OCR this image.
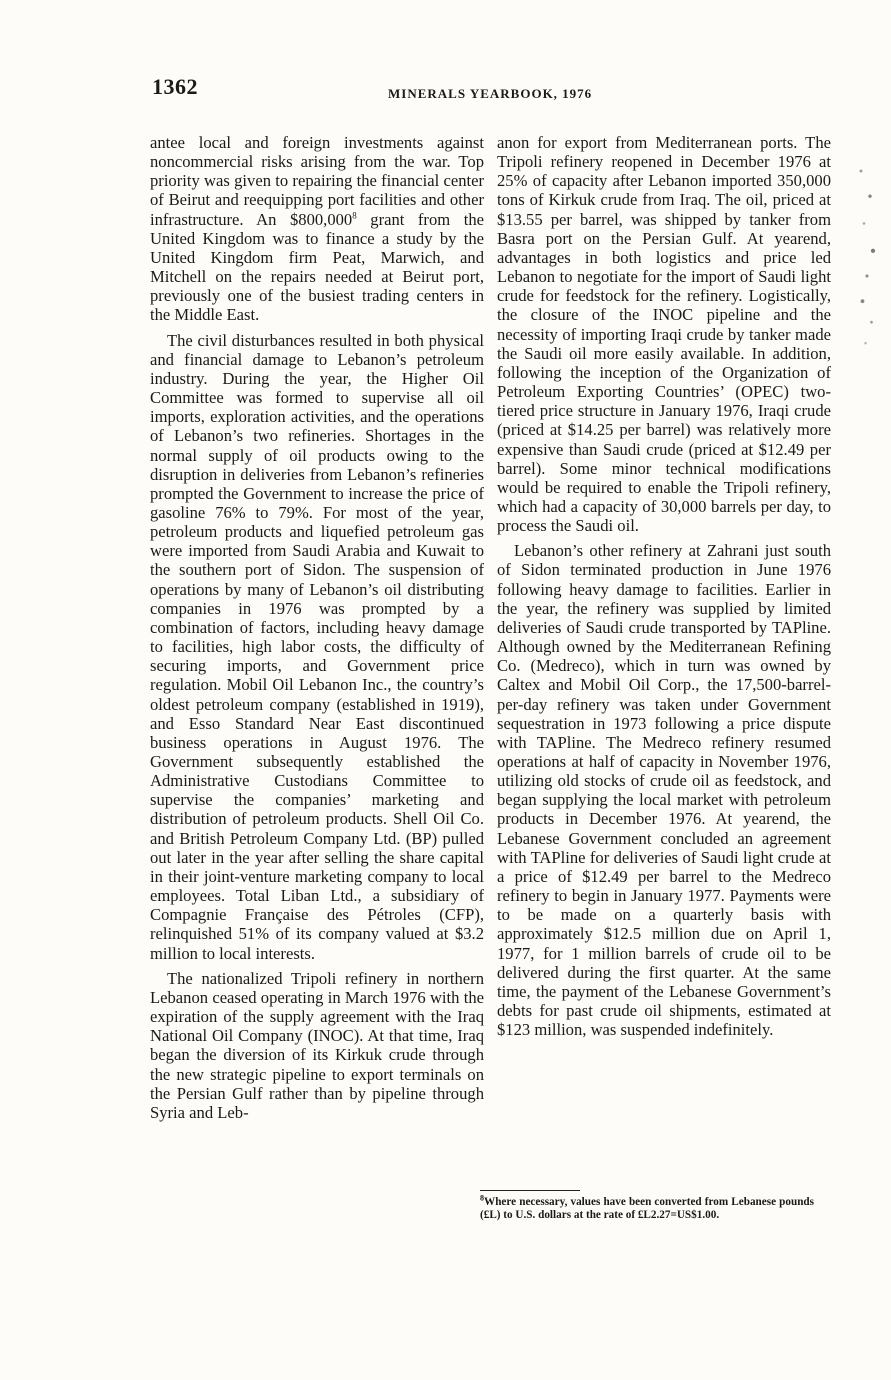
1362	MINERALS YEARBOOK, 1976

antee local and foreign investments against noncommercial risks arising from the war. Top priority was given to repairing the financial center of Beirut and reequipping port facilities and other infrastructure. An $800,000$^8$ grant from the United Kingdom was to finance a study by the United Kingdom firm Peat, Marwich, and Mitchell on the repairs needed at Beirut port, previously one of the busiest trading centers in the Middle East.

The civil disturbances resulted in both physical and financial damage to Lebanon’s petroleum industry. During the year, the Higher Oil Committee was formed to supervise all oil imports, exploration activities, and the operations of Lebanon’s two refineries. Shortages in the normal supply of oil products owing to the disruption in deliveries from Lebanon’s refineries prompted the Government to increase the price of gasoline 76% to 79%. For most of the year, petroleum products and liquefied petroleum gas were imported from Saudi Arabia and Kuwait to the southern port of Sidon. The suspension of operations by many of Lebanon’s oil distributing companies in 1976 was prompted by a combination of factors, including heavy damage to facilities, high labor costs, the difficulty of securing imports, and Government price regulation. Mobil Oil Lebanon Inc., the country’s oldest petroleum company (established in 1919), and Esso Standard Near East discontinued business operations in August 1976. The Government subsequently established the Administrative Custodians Committee to supervise the companies’ marketing and distribution of petroleum products. Shell Oil Co. and British Petroleum Company Ltd. (BP) pulled out later in the year after selling the share capital in their joint-venture marketing company to local employees. Total Liban Ltd., a subsidiary of Compagnie Française des Pétroles (CFP), relinquished 51% of its company valued at $3.2 million to local interests.

The nationalized Tripoli refinery in northern Lebanon ceased operating in March 1976 with the expiration of the supply agreement with the Iraq National Oil Company (INOC). At that time, Iraq began the diversion of its Kirkuk crude through the new strategic pipeline to export terminals on the Persian Gulf rather than by pipeline through Syria and Leb-

anon for export from Mediterranean ports. The Tripoli refinery reopened in December 1976 at 25% of capacity after Lebanon imported 350,000 tons of Kirkuk crude from Iraq. The oil, priced at $13.55 per barrel, was shipped by tanker from Basra port on the Persian Gulf. At yearend, advantages in both logistics and price led Lebanon to negotiate for the import of Saudi light crude for feedstock for the refinery. Logistically, the closure of the INOC pipeline and the necessity of importing Iraqi crude by tanker made the Saudi oil more easily available. In addition, following the inception of the Organization of Petroleum Exporting Countries’ (OPEC) two-tiered price structure in January 1976, Iraqi crude (priced at $14.25 per barrel) was relatively more expensive than Saudi crude (priced at $12.49 per barrel). Some minor technical modifications would be required to enable the Tripoli refinery, which had a capacity of 30,000 barrels per day, to process the Saudi oil.

Lebanon’s other refinery at Zahrani just south of Sidon terminated production in June 1976 following heavy damage to facilities. Earlier in the year, the refinery was supplied by limited deliveries of Saudi crude transported by TAPline. Although owned by the Mediterranean Refining Co. (Medreco), which in turn was owned by Caltex and Mobil Oil Corp., the 17,500-barrel-per-day refinery was taken under Government sequestration in 1973 following a price dispute with TAPline. The Medreco refinery resumed operations at half of capacity in November 1976, utilizing old stocks of crude oil as feedstock, and began supplying the local market with petroleum products in December 1976. At yearend, the Lebanese Government concluded an agreement with TAPline for deliveries of Saudi light crude at a price of $12.49 per barrel to the Medreco refinery to begin in January 1977. Payments were to be made on a quarterly basis with approximately $12.5 million due on April 1, 1977, for 1 million barrels of crude oil to be delivered during the first quarter. At the same time, the payment of the Lebanese Government’s debts for past crude oil shipments, estimated at $123 million, was suspended indefinitely.

$^8$Where necessary, values have been converted from Lebanese pounds (£L) to U.S. dollars at the rate of £L2.27=US$1.00.
